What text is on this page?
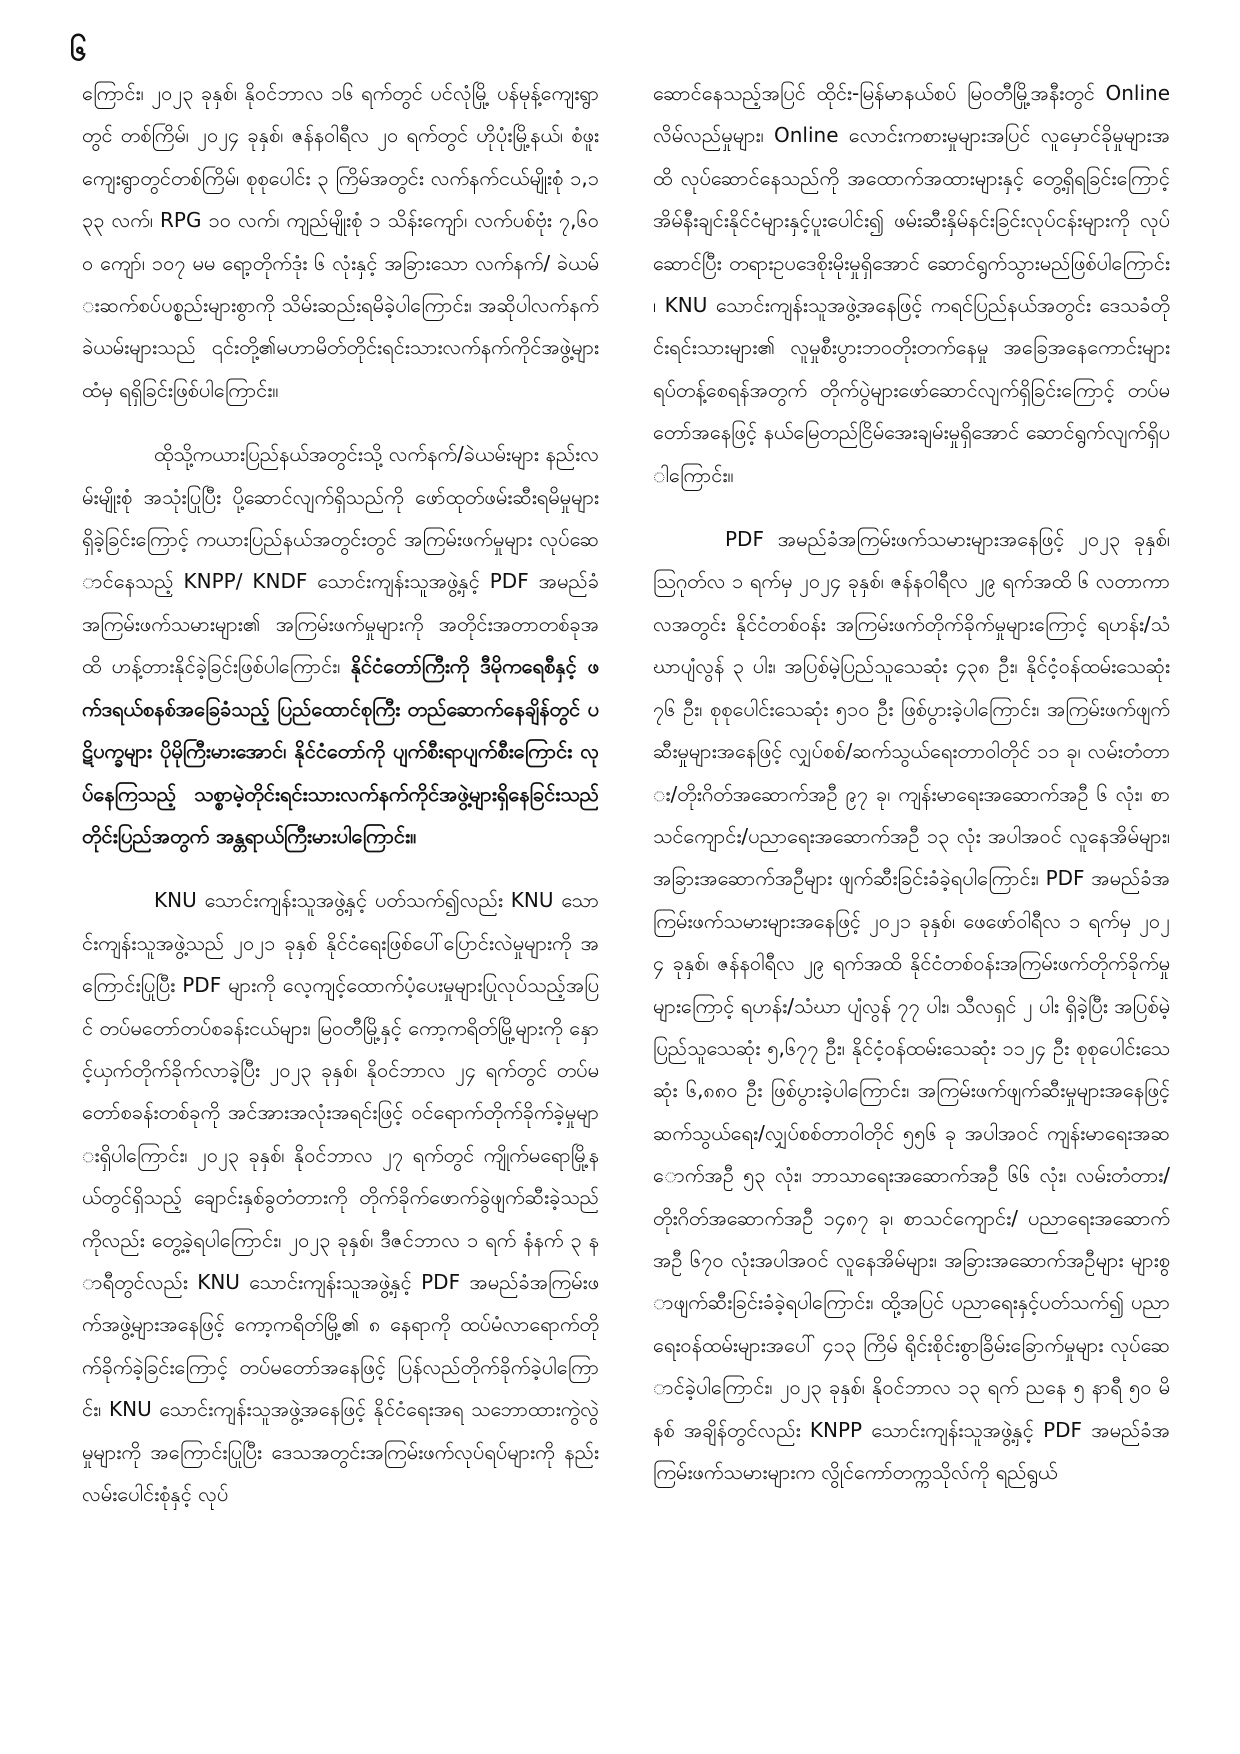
၆

ကြောင်း၊ ၂၀၂၃ ခုနှစ်၊ နိုဝင်ဘာလ ၁၆ ရက်တွင် ပင်လုံမြို့ ပန်မုန့်ကျေးရွာတွင် တစ်ကြိမ်၊ ၂၀၂၄ ခုနှစ်၊ ဇန်နဝါရီလ ၂၀ ရက်တွင် ဟိုပုံးမြို့နယ်၊ စံဖူးကျေးရွာတွင်တစ်ကြိမ်၊ စုစုပေါင်း ၃ ကြိမ်အတွင်း လက်နက်ငယ်မျိုးစုံ ၁,၁၃၃ လက်၊ RPG ၁၀ လက်၊ ကျည်မျိုးစုံ ၁ သိန်းကျော်၊ လက်ပစ်ဗုံး ၇,၆၀၀ ကျော်၊ ၁၀၇ မမ ရော့တိုက်ဒုံး ၆ လုံးနှင့် အခြားသော လက်နက်/ ခဲယမ်းဆက်စပ်ပစ္စည်းများစွာကို သိမ်းဆည်းရမိခဲ့ပါကြောင်း၊ အဆိုပါလက်နက်ခဲယမ်းများသည် ၎င်းတို့၏မဟာမိတ်တိုင်းရင်းသားလက်နက်ကိုင်အဖွဲ့များထံမှ ရရှိခြင်းဖြစ်ပါကြောင်း။

ထိုသို့ကယားပြည်နယ်အတွင်းသို့ လက်နက်/ခဲယမ်းများ နည်းလမ်းမျိုးစုံ အသုံးပြုပြီး ပို့ဆောင်လျက်ရှိသည်ကို ဖော်ထုတ်ဖမ်းဆီးရမိမှုများ ရှိခဲ့ခြင်းကြောင့် ကယားပြည်နယ်အတွင်းတွင် အကြမ်းဖက်မှုများ လုပ်ဆောင်နေသည့် KNPP/ KNDF သောင်းကျန်းသူအဖွဲ့နှင့် PDF အမည်ခံအကြမ်းဖက်သမားများ၏ အကြမ်းဖက်မှုများကို အတိုင်းအတာတစ်ခုအထိ ဟန့်တားနိုင်ခဲ့ခြင်းဖြစ်ပါကြောင်း၊ နိုင်ငံတော်ကြီးကို ဒီမိုကရေစီနှင့် ဖက်ဒရယ်စနစ်အခြေခံသည့် ပြည်ထောင်စုကြီး တည်ဆောက်နေချိန်တွင် ပဋိပက္ခများ ပိုမိုကြီးမားအောင်၊ နိုင်ငံတော်ကို ပျက်စီးရာပျက်စီးကြောင်း လုပ်နေကြသည့် သစ္စာမဲ့တိုင်းရင်းသားလက်နက်ကိုင်အဖွဲ့များရှိနေခြင်းသည် တိုင်းပြည်အတွက် အန္တရာယ်ကြီးမားပါကြောင်း။

KNU သောင်းကျန်းသူအဖွဲ့နှင့် ပတ်သက်၍လည်း KNU သောင်းကျန်းသူအဖွဲ့သည် ၂၀၂၁ ခုနှစ် နိုင်ငံရေးဖြစ်ပေါ်ပြောင်းလဲမှုများကို အကြောင်းပြုပြီး PDF များကို လေ့ကျင့်ထောက်ပံ့ပေးမှုများပြုလုပ်သည့်အပြင် တပ်မတော်တပ်စခန်းငယ်များ၊ မြဝတီမြို့နှင့် ကော့ကရိတ်မြို့များကို နှောင့်ယှက်တိုက်ခိုက်လာခဲ့ပြီး ၂၀၂၃ ခုနှစ်၊ နိုဝင်ဘာလ ၂၄ ရက်တွင် တပ်မတော်စခန်းတစ်ခုကို အင်အားအလုံးအရင်းဖြင့် ဝင်ရောက်တိုက်ခိုက်ခဲ့မှုများရှိပါကြောင်း၊ ၂၀၂၃ ခုနှစ်၊ နိုဝင်ဘာလ ၂၇ ရက်တွင် ကျိုက်မရောမြို့နယ်တွင်ရှိသည့် ချောင်းနှစ်ခွတံတားကို တိုက်ခိုက်ဖောက်ခွဲဖျက်ဆီးခဲ့သည်ကိုလည်း တွေ့ခဲ့ရပါကြောင်း၊ ၂၀၂၃ ခုနှစ်၊ ဒီဇင်ဘာလ ၁ ရက် နံနက် ၃ နာရီတွင်လည်း KNU သောင်းကျန်းသူအဖွဲ့နှင့် PDF အမည်ခံအကြမ်းဖက်အဖွဲ့များအနေဖြင့် ကော့ကရိတ်မြို့၏ ၈ နေရာကို ထပ်မံလာရောက်တိုက်ခိုက်ခဲ့ခြင်းကြောင့် တပ်မတော်အနေဖြင့် ပြန်လည်တိုက်ခိုက်ခဲ့ပါကြောင်း၊ KNU သောင်းကျန်းသူအဖွဲ့အနေဖြင့် နိုင်ငံရေးအရ သဘောထားကွဲလွဲမှုများကို အကြောင်းပြုပြီး ဒေသအတွင်းအကြမ်းဖက်လုပ်ရပ်များကို နည်းလမ်းပေါင်းစုံနှင့် လုပ်

ဆောင်နေသည့်အပြင် ထိုင်း-မြန်မာနယ်စပ် မြဝတီမြို့အနီးတွင် Online လိမ်လည်မှုများ၊ Online လောင်းကစားမှုများအပြင် လူမှောင်ခိုမှုများအထိ လုပ်ဆောင်နေသည်ကို အထောက်အထားများနှင့် တွေ့ရှိရခြင်းကြောင့် အိမ်နီးချင်းနိုင်ငံများနှင့်ပူးပေါင်း၍ ဖမ်းဆီးနှိမ်နင်းခြင်းလုပ်ငန်းများကို လုပ်ဆောင်ပြီး တရားဥပဒေစိုးမိုးမှုရှိအောင် ဆောင်ရွက်သွားမည်ဖြစ်ပါကြောင်း၊ KNU သောင်းကျန်းသူအဖွဲ့အနေဖြင့် ကရင်ပြည်နယ်အတွင်း ဒေသခံတိုင်းရင်းသားများ၏ လူမှုစီးပွားဘဝတိုးတက်နေမှု အခြေအနေကောင်းများ ရပ်တန့်စေရန်အတွက် တိုက်ပွဲများဖော်ဆောင်လျက်ရှိခြင်းကြောင့် တပ်မတော်အနေဖြင့် နယ်မြေတည်ငြိမ်အေးချမ်းမှုရှိအောင် ဆောင်ရွက်လျက်ရှိပါကြောင်း။

PDF အမည်ခံအကြမ်းဖက်သမားများအနေဖြင့် ၂၀၂၃ ခုနှစ်၊ ဩဂုတ်လ ၁ ရက်မှ ၂၀၂၄ ခုနှစ်၊ ဇန်နဝါရီလ ၂၉ ရက်အထိ ၆ လတာကာလအတွင်း နိုင်ငံတစ်ဝန်း အကြမ်းဖက်တိုက်ခိုက်မှုများကြောင့် ရဟန်း/သံဃာပျံလွန် ၃ ပါး၊ အပြစ်မဲ့ပြည်သူသေဆုံး ၄၃၈ ဦး၊ နိုင်ငံ့ဝန်ထမ်းသေဆုံး ၇၆ ဦး၊ စုစုပေါင်းသေဆုံး ၅၁၀ ဦး ဖြစ်ပွားခဲ့ပါကြောင်း၊ အကြမ်းဖက်ဖျက်ဆီးမှုများအနေဖြင့် လျှပ်စစ်/ဆက်သွယ်ရေးတာဝါတိုင် ၁၁ ခု၊ လမ်းတံတား/တိုးဂိတ်အဆောက်အဦ ၉၇ ခု၊ ကျန်းမာရေးအဆောက်အဦ ၆ လုံး၊ စာသင်ကျောင်း/ပညာရေးအဆောက်အဦ ၁၃ လုံး အပါအဝင် လူနေအိမ်များ၊ အခြားအဆောက်အဦများ ဖျက်ဆီးခြင်းခံခဲ့ရပါကြောင်း၊ PDF အမည်ခံအကြမ်းဖက်သမားများအနေဖြင့် ၂၀၂၁ ခုနှစ်၊ ဖေဖော်ဝါရီလ ၁ ရက်မှ ၂၀၂၄ ခုနှစ်၊ ဇန်နဝါရီလ ၂၉ ရက်အထိ နိုင်ငံတစ်ဝန်းအကြမ်းဖက်တိုက်ခိုက်မှုများကြောင့် ရဟန်း/သံဃာ ပျံလွန် ၇၇ ပါး၊ သီလရှင် ၂ ပါး ရှိခဲ့ပြီး အပြစ်မဲ့ပြည်သူသေဆုံး ၅,၆၇၇ ဦး၊ နိုင်ငံ့ဝန်ထမ်းသေဆုံး ၁၁၂၄ ဦး စုစုပေါင်းသေဆုံး ၆,၈၈၀ ဦး ဖြစ်ပွားခဲ့ပါကြောင်း၊ အကြမ်းဖက်ဖျက်ဆီးမှုများအနေဖြင့် ဆက်သွယ်ရေး/လျှပ်စစ်တာဝါတိုင် ၅၅၆ ခု အပါအဝင် ကျန်းမာရေးအဆောက်အဦ ၅၃ လုံး၊ ဘာသာရေးအဆောက်အဦ ၆၆ လုံး၊ လမ်းတံတား/တိုးဂိတ်အဆောက်အဦ ၁၄၈၇ ခု၊ စာသင်ကျောင်း/ ပညာရေးအဆောက်အဦ ၆၇၀ လုံးအပါအဝင် လူနေအိမ်များ၊ အခြားအဆောက်အဦများ များစွာဖျက်ဆီးခြင်းခံခဲ့ရပါကြောင်း၊ ထို့အပြင် ပညာရေးနှင့်ပတ်သက်၍ ပညာရေးဝန်ထမ်းများအပေါ် ၄၁၃ ကြိမ် ရိုင်းစိုင်းစွာခြိမ်းခြောက်မှုများ လုပ်ဆောင်ခဲ့ပါကြောင်း၊ ၂၀၂၃ ခုနှစ်၊ နိုဝင်ဘာလ ၁၃ ရက် ညနေ ၅ နာရီ ၅၀ မိနစ် အချိန်တွင်လည်း KNPP သောင်းကျန်းသူအဖွဲ့နှင့် PDF အမည်ခံအကြမ်းဖက်သမားများက လွိုင်ကော်တက္ကသိုလ်ကို ရည်ရွယ်
